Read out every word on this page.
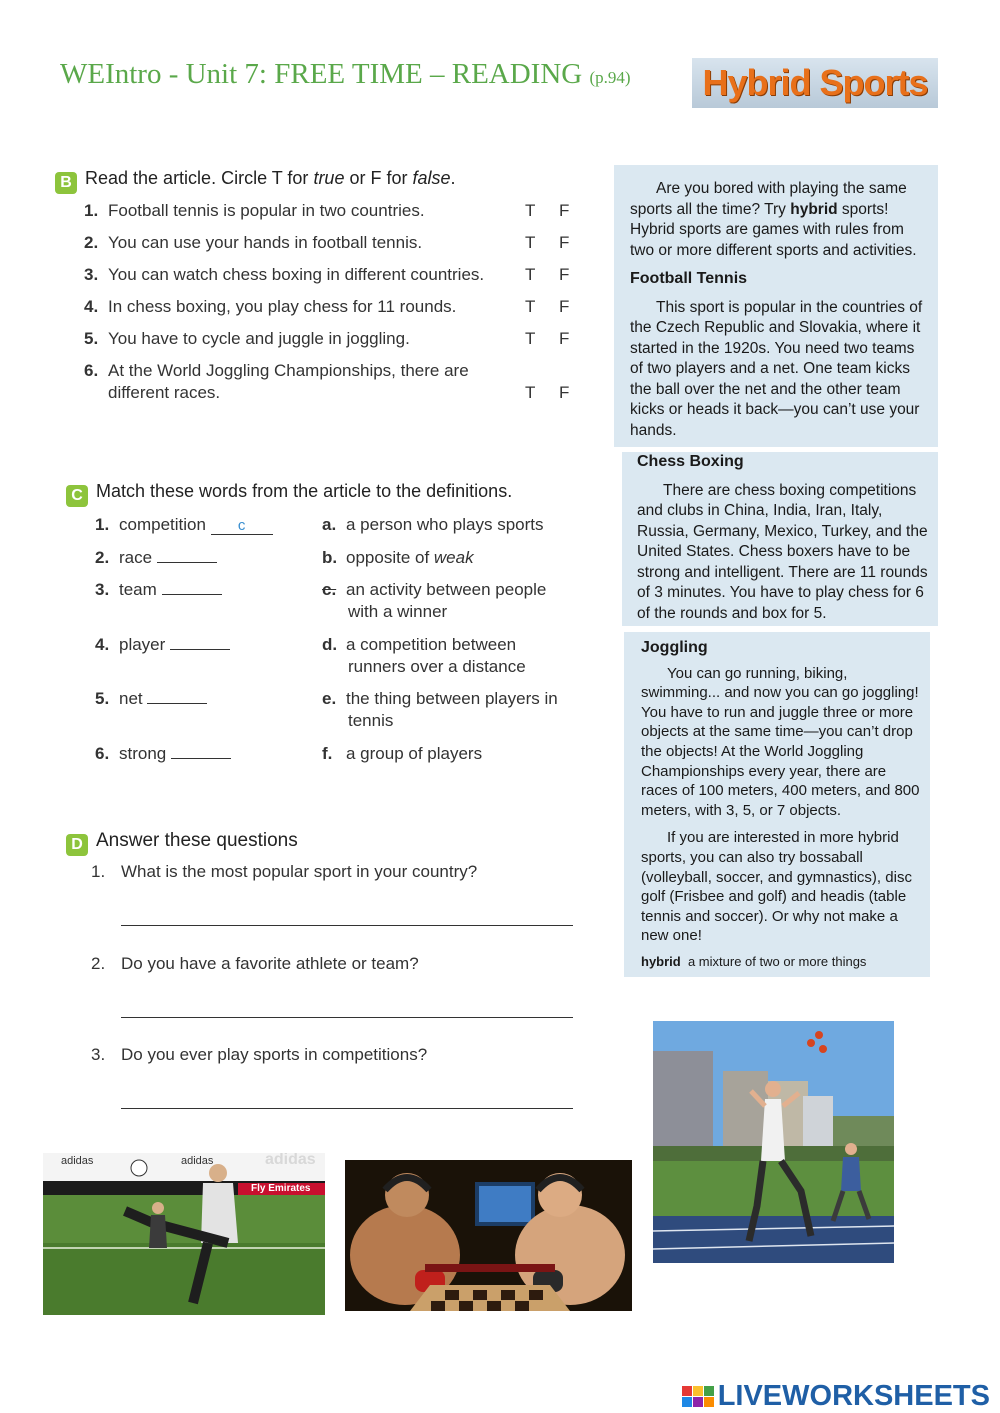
WEIntro - Unit 7: FREE TIME – READING (p.94) Hybrid Sports
B Read the article. Circle T for true or F for false.
1. Football tennis is popular in two countries.
2. You can use your hands in football tennis.
3. You can watch chess boxing in different countries.
4. In chess boxing, you play chess for 11 rounds.
5. You have to cycle and juggle in joggling.
6. At the World Joggling Championships, there are
different races.
T F
T F
T F
T F
T F
T F
C Match these words from the article to the definitions.
1. competition c
2. race
3. team
4. player
5. net
6. strong
a. a person who plays sports
b. opposite of weak
c. an activity between people
with a winner
d. a competition between
runners over a distance
e. the thing between players in
tennis
f. a group of players
D Answer these questions
1. What is the most popular sport in your country?
2. Do you have a favorite athlete or team?
3. Do you ever play sports in competitions?

Are you bored with playing the same sports all the time? Try hybrid sports! Hybrid sports are games with rules from two or more different sports and activities.

Football Tennis

This sport is popular in the countries of the Czech Republic and Slovakia, where it started in the 1920s. You need two teams of two players and a net. One team kicks the ball over the net and the other team kicks or heads it back—you can’t use your hands.

Chess Boxing

There are chess boxing competitions and clubs in China, India, Iran, Italy, Russia, Germany, Mexico, Turkey, and the United States. Chess boxers have to be strong and intelligent. There are 11 rounds of 3 minutes. You have to play chess for 6 of the rounds and box for 5.

Joggling

You can go running, biking, swimming... and now you can go joggling! You have to run and juggle three or more objects at the same time—you can’t drop the objects! At the World Joggling Championships every year, there are races of 100 meters, 400 meters, and 800 meters, with 3, 5, or 7 objects.

If you are interested in more hybrid sports, you can also try bossaball (volleyball, soccer, and gymnastics), disc golf (Frisbee and golf) and headis (table tennis and soccer). Or why not make a new one!

hybrid a mixture of two or more things

adidas	adidas	adidas
Fly Emirates
LIVEWORKSHEETS
